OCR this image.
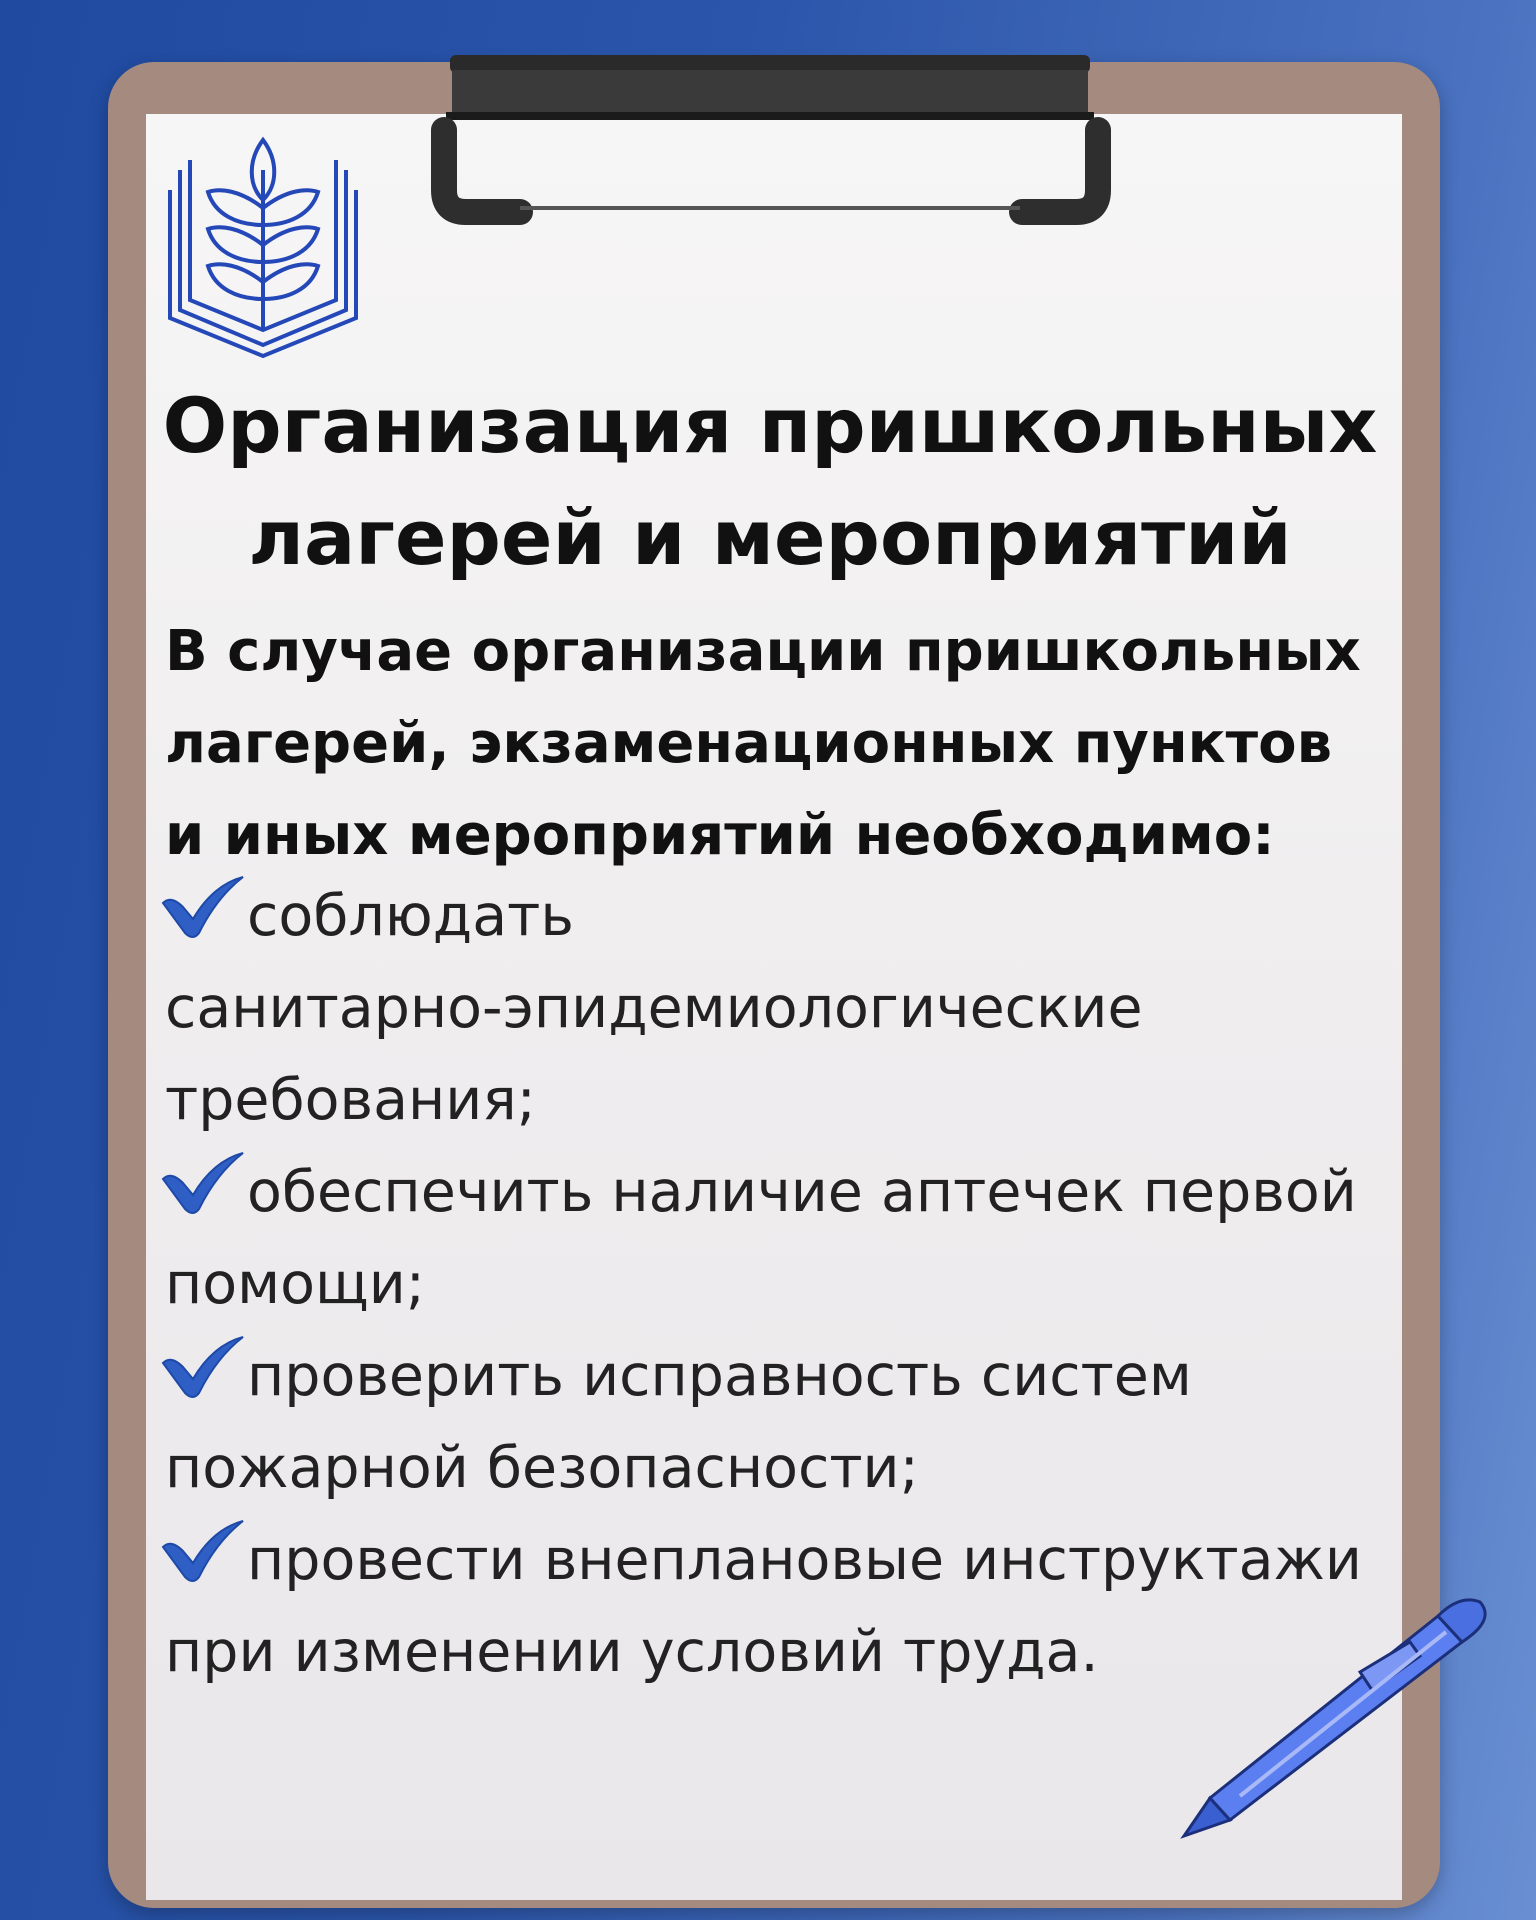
Организация пришкольных
лагерей и мероприятий

В случае организации пришкольных
лагерей, экзаменационных пунктов
и иных мероприятий необходимо:

соблюдать
санитарно-эпидемиологические
требования;
обеспечить наличие аптечек первой
помощи;
проверить исправность систем
пожарной безопасности;
провести внеплановые инструктажи
при изменении условий труда.
